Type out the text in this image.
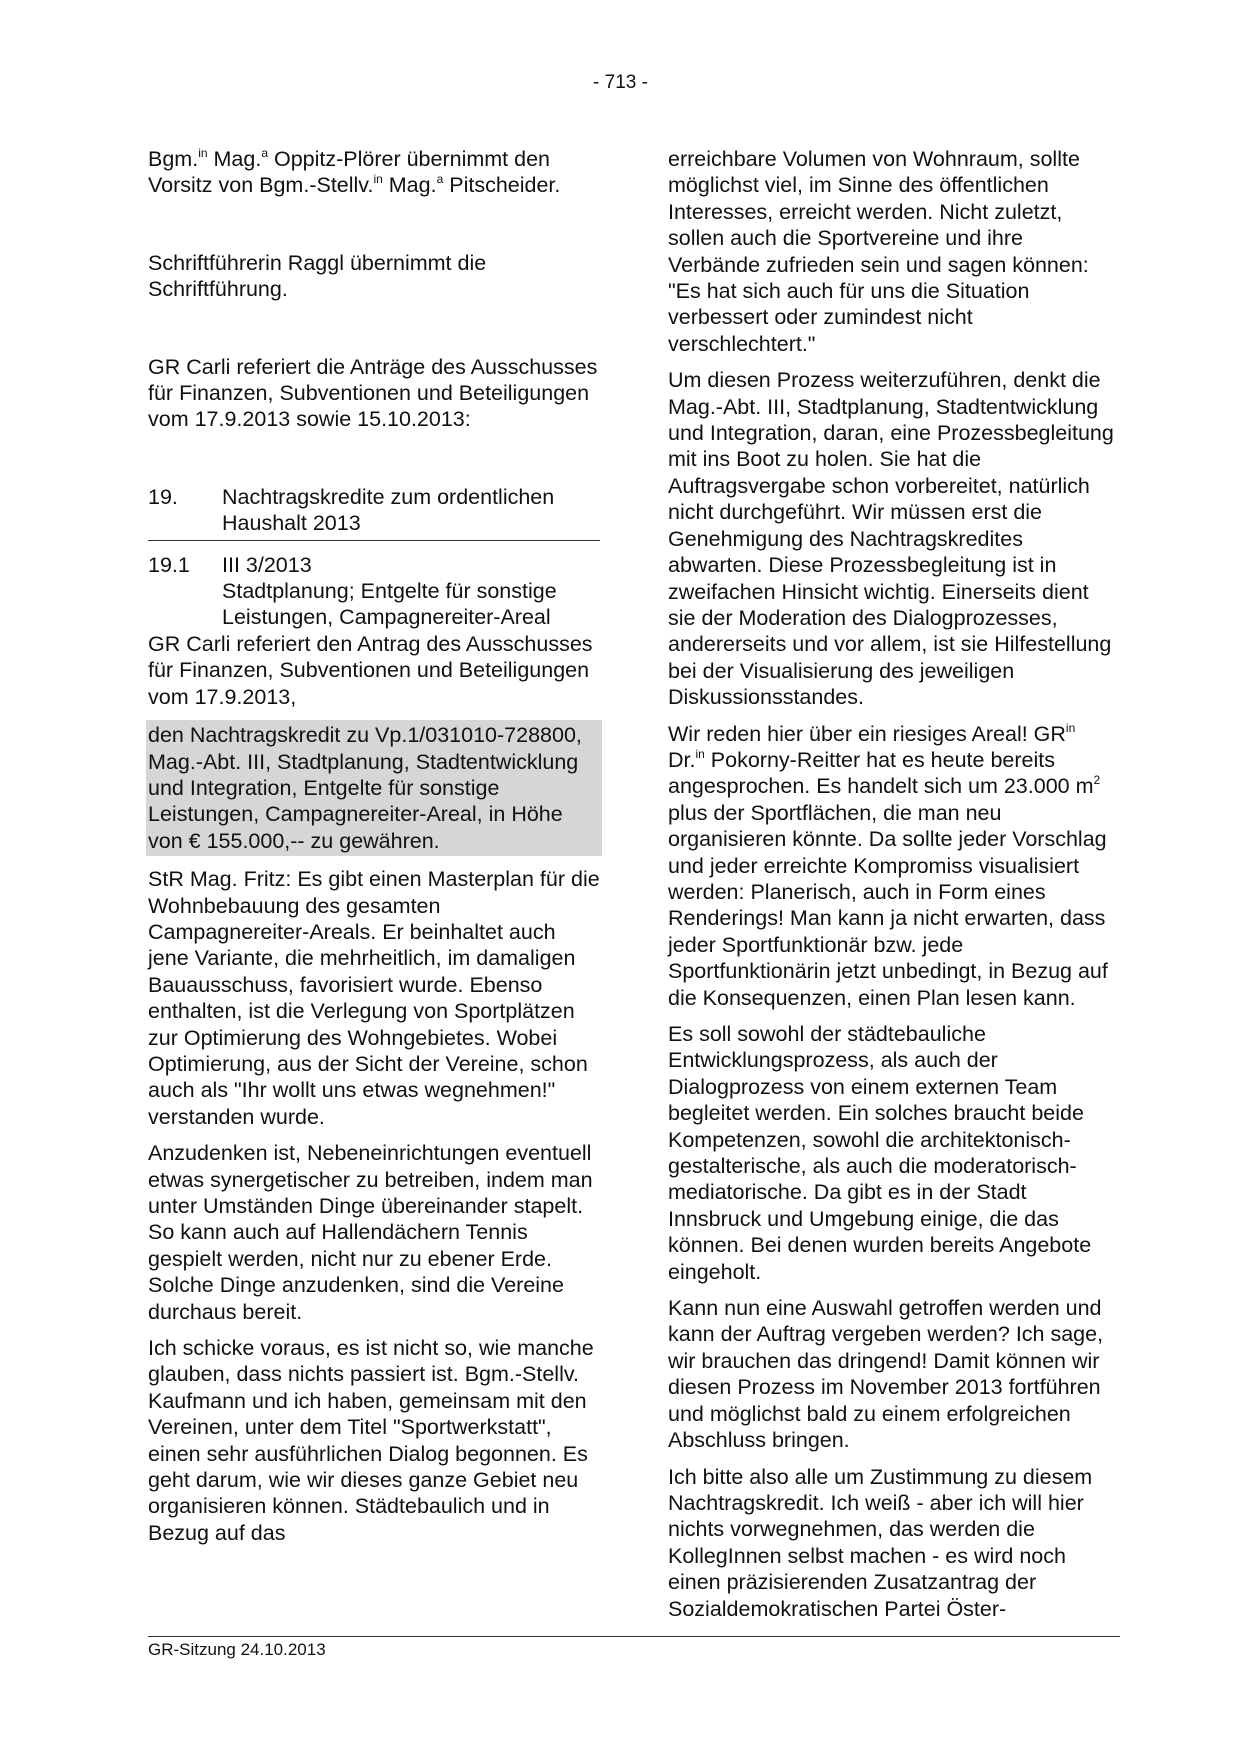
- 713 -

Bgm.$^{in}$ Mag.$^a$ Oppitz-Plörer übernimmt den Vorsitz von Bgm.-Stellv.$^{in}$ Mag.$^a$ Pitscheider.

Schriftführerin Raggl übernimmt die Schriftführung.

GR Carli referiert die Anträge des Ausschusses für Finanzen, Subventionen und Beteiligungen vom 17.9.2013 sowie 15.10.2013:

19.	Nachtragskredite zum ordentlichen Haushalt 2013
19.1	III 3/2013

Stadtplanung; Entgelte für sonstige Leistungen, Campagnereiter-Areal

GR Carli referiert den Antrag des Ausschusses für Finanzen, Subventionen und Beteiligungen vom 17.9.2013,

den Nachtragskredit zu Vp.1/031010-728800, Mag.-Abt. III, Stadtplanung, Stadtentwicklung und Integration, Entgelte für sonstige Leistungen, Campagnereiter-Areal, in Höhe von € 155.000,-- zu gewähren.

StR Mag. Fritz: Es gibt einen Masterplan für die Wohnbebauung des gesamten Campagnereiter-Areals. Er beinhaltet auch jene Variante, die mehrheitlich, im damaligen Bauausschuss, favorisiert wurde. Ebenso enthalten, ist die Verlegung von Sportplätzen zur Optimierung des Wohngebietes. Wobei Optimierung, aus der Sicht der Vereine, schon auch als "Ihr wollt uns etwas wegnehmen!" verstanden wurde.

Anzudenken ist, Nebeneinrichtungen eventuell etwas synergetischer zu betreiben, indem man unter Umständen Dinge übereinander stapelt. So kann auch auf Hallendächern Tennis gespielt werden, nicht nur zu ebener Erde. Solche Dinge anzudenken, sind die Vereine durchaus bereit.

Ich schicke voraus, es ist nicht so, wie manche glauben, dass nichts passiert ist. Bgm.-Stellv. Kaufmann und ich haben, gemeinsam mit den Vereinen, unter dem Titel "Sportwerkstatt", einen sehr ausführlichen Dialog begonnen. Es geht darum, wie wir dieses ganze Gebiet neu organisieren können. Städtebaulich und in Bezug auf das

erreichbare Volumen von Wohnraum, sollte möglichst viel, im Sinne des öffentlichen Interesses, erreicht werden. Nicht zuletzt, sollen auch die Sportvereine und ihre Verbände zufrieden sein und sagen können: "Es hat sich auch für uns die Situation verbessert oder zumindest nicht verschlechtert."

Um diesen Prozess weiterzuführen, denkt die Mag.-Abt. III, Stadtplanung, Stadtentwicklung und Integration, daran, eine Prozessbegleitung mit ins Boot zu holen. Sie hat die Auftragsvergabe schon vorbereitet, natürlich nicht durchgeführt. Wir müssen erst die Genehmigung des Nachtragskredites abwarten. Diese Prozessbegleitung ist in zweifachen Hinsicht wichtig. Einerseits dient sie der Moderation des Dialogprozesses, andererseits und vor allem, ist sie Hilfestellung bei der Visualisierung des jeweiligen Diskussionsstandes.

Wir reden hier über ein riesiges Areal! $GR^{in}$ Dr.$^{in}$ Pokorny-Reitter hat es heute bereits angesprochen. Es handelt sich um 23.000 $m^2$ plus der Sportflächen, die man neu organisieren könnte. Da sollte jeder Vorschlag und jeder erreichte Kompromiss visualisiert werden: Planerisch, auch in Form eines Renderings! Man kann ja nicht erwarten, dass jeder Sportfunktionär bzw. jede Sportfunktionärin jetzt unbedingt, in Bezug auf die Konsequenzen, einen Plan lesen kann.

Es soll sowohl der städtebauliche Entwicklungsprozess, als auch der Dialogprozess von einem externen Team begleitet werden. Ein solches braucht beide Kompetenzen, sowohl die architektonisch-gestalterische, als auch die moderatorisch-mediatorische. Da gibt es in der Stadt Innsbruck und Umgebung einige, die das können. Bei denen wurden bereits Angebote eingeholt.

Kann nun eine Auswahl getroffen werden und kann der Auftrag vergeben werden? Ich sage, wir brauchen das dringend! Damit können wir diesen Prozess im November 2013 fortführen und möglichst bald zu einem erfolgreichen Abschluss bringen.

Ich bitte also alle um Zustimmung zu diesem Nachtragskredit. Ich weiß - aber ich will hier nichts vorwegnehmen, das werden die KollegInnen selbst machen - es wird noch einen präzisierenden Zusatzantrag der Sozialdemokratischen Partei Öster-

GR-Sitzung 24.10.2013
